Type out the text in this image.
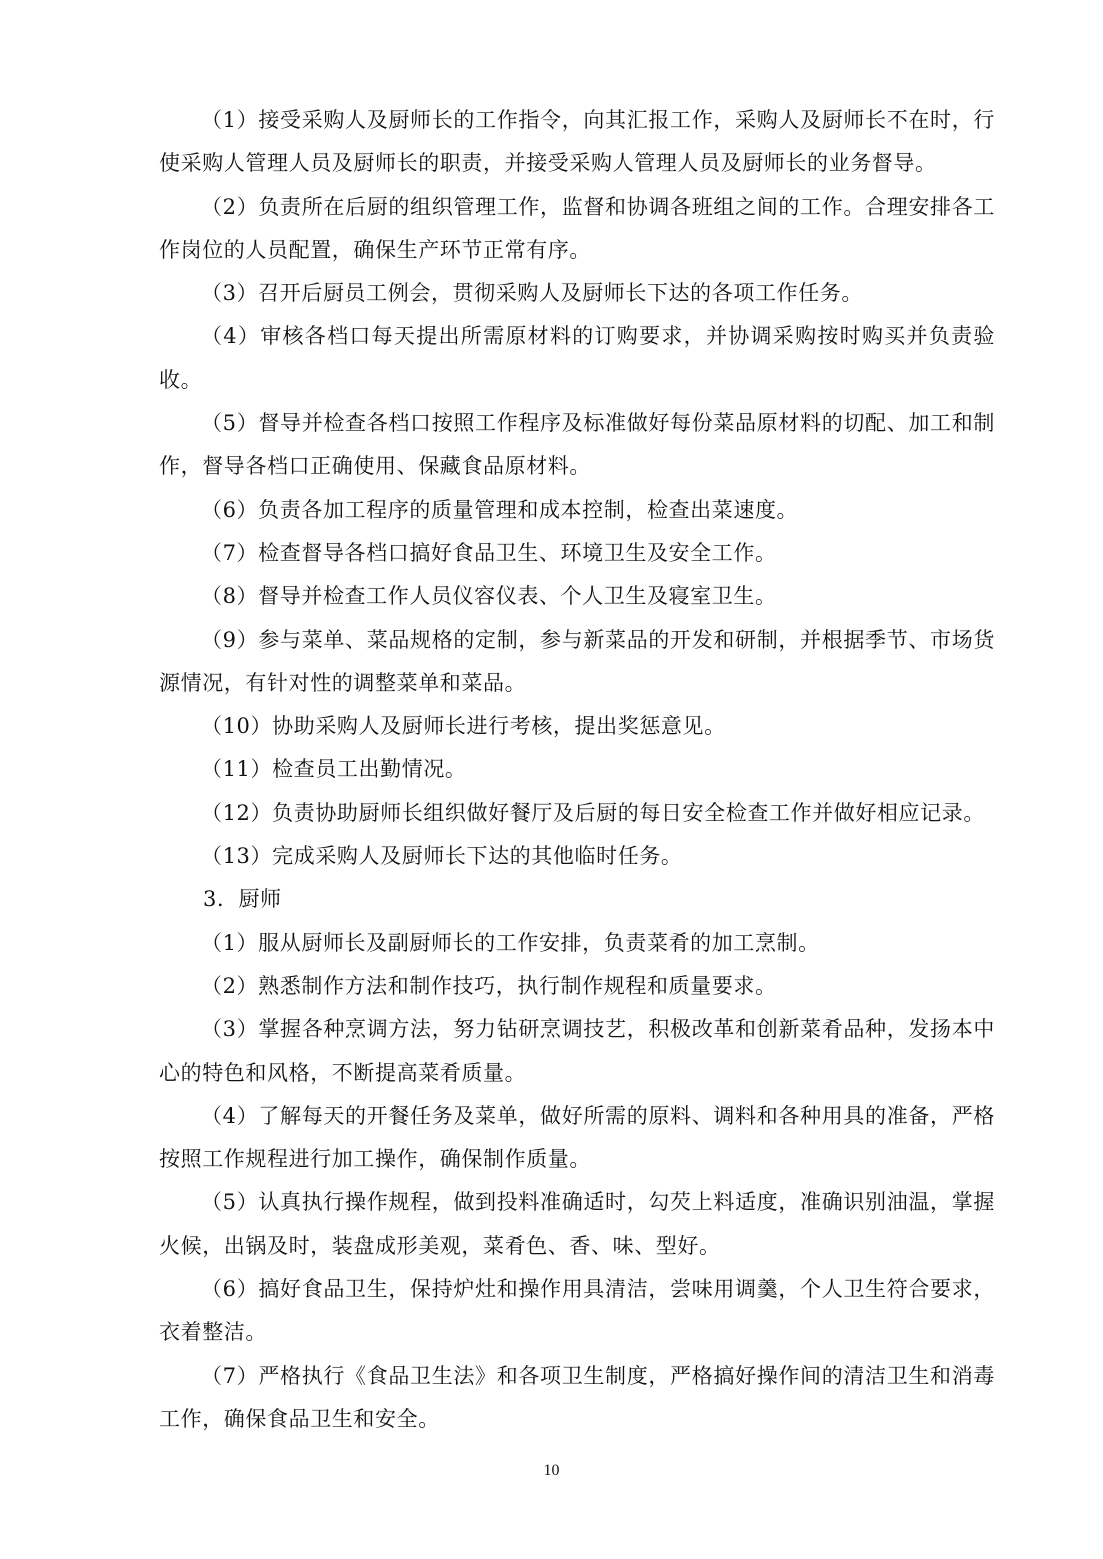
（1）接受采购人及厨师长的工作指令，向其汇报工作，采购人及厨师长不在时，行使采购人管理人员及厨师长的职责，并接受采购人管理人员及厨师长的业务督导。

（2）负责所在后厨的组织管理工作，监督和协调各班组之间的工作。合理安排各工作岗位的人员配置，确保生产环节正常有序。

（3）召开后厨员工例会，贯彻采购人及厨师长下达的各项工作任务。

（4）审核各档口每天提出所需原材料的订购要求，并协调采购按时购买并负责验收。

（5）督导并检查各档口按照工作程序及标准做好每份菜品原材料的切配、加工和制作，督导各档口正确使用、保藏食品原材料。

（6）负责各加工程序的质量管理和成本控制，检查出菜速度。

（7）检查督导各档口搞好食品卫生、环境卫生及安全工作。

（8）督导并检查工作人员仪容仪表、个人卫生及寝室卫生。

（9）参与菜单、菜品规格的定制，参与新菜品的开发和研制，并根据季节、市场货源情况，有针对性的调整菜单和菜品。

（10）协助采购人及厨师长进行考核，提出奖惩意见。

（11）检查员工出勤情况。

（12）负责协助厨师长组织做好餐厅及后厨的每日安全检查工作并做好相应记录。

（13）完成采购人及厨师长下达的其他临时任务。

3．厨师

（1）服从厨师长及副厨师长的工作安排，负责菜肴的加工烹制。

（2）熟悉制作方法和制作技巧，执行制作规程和质量要求。

（3）掌握各种烹调方法，努力钻研烹调技艺，积极改革和创新菜肴品种，发扬本中心的特色和风格，不断提高菜肴质量。

（4）了解每天的开餐任务及菜单，做好所需的原料、调料和各种用具的准备，严格按照工作规程进行加工操作，确保制作质量。

（5）认真执行操作规程，做到投料准确适时，勾芡上料适度，准确识别油温，掌握火候，出锅及时，装盘成形美观，菜肴色、香、味、型好。

（6）搞好食品卫生，保持炉灶和操作用具清洁，尝味用调羹，个人卫生符合要求，衣着整洁。

（7）严格执行《食品卫生法》和各项卫生制度，严格搞好操作间的清洁卫生和消毒工作，确保食品卫生和安全。

10
